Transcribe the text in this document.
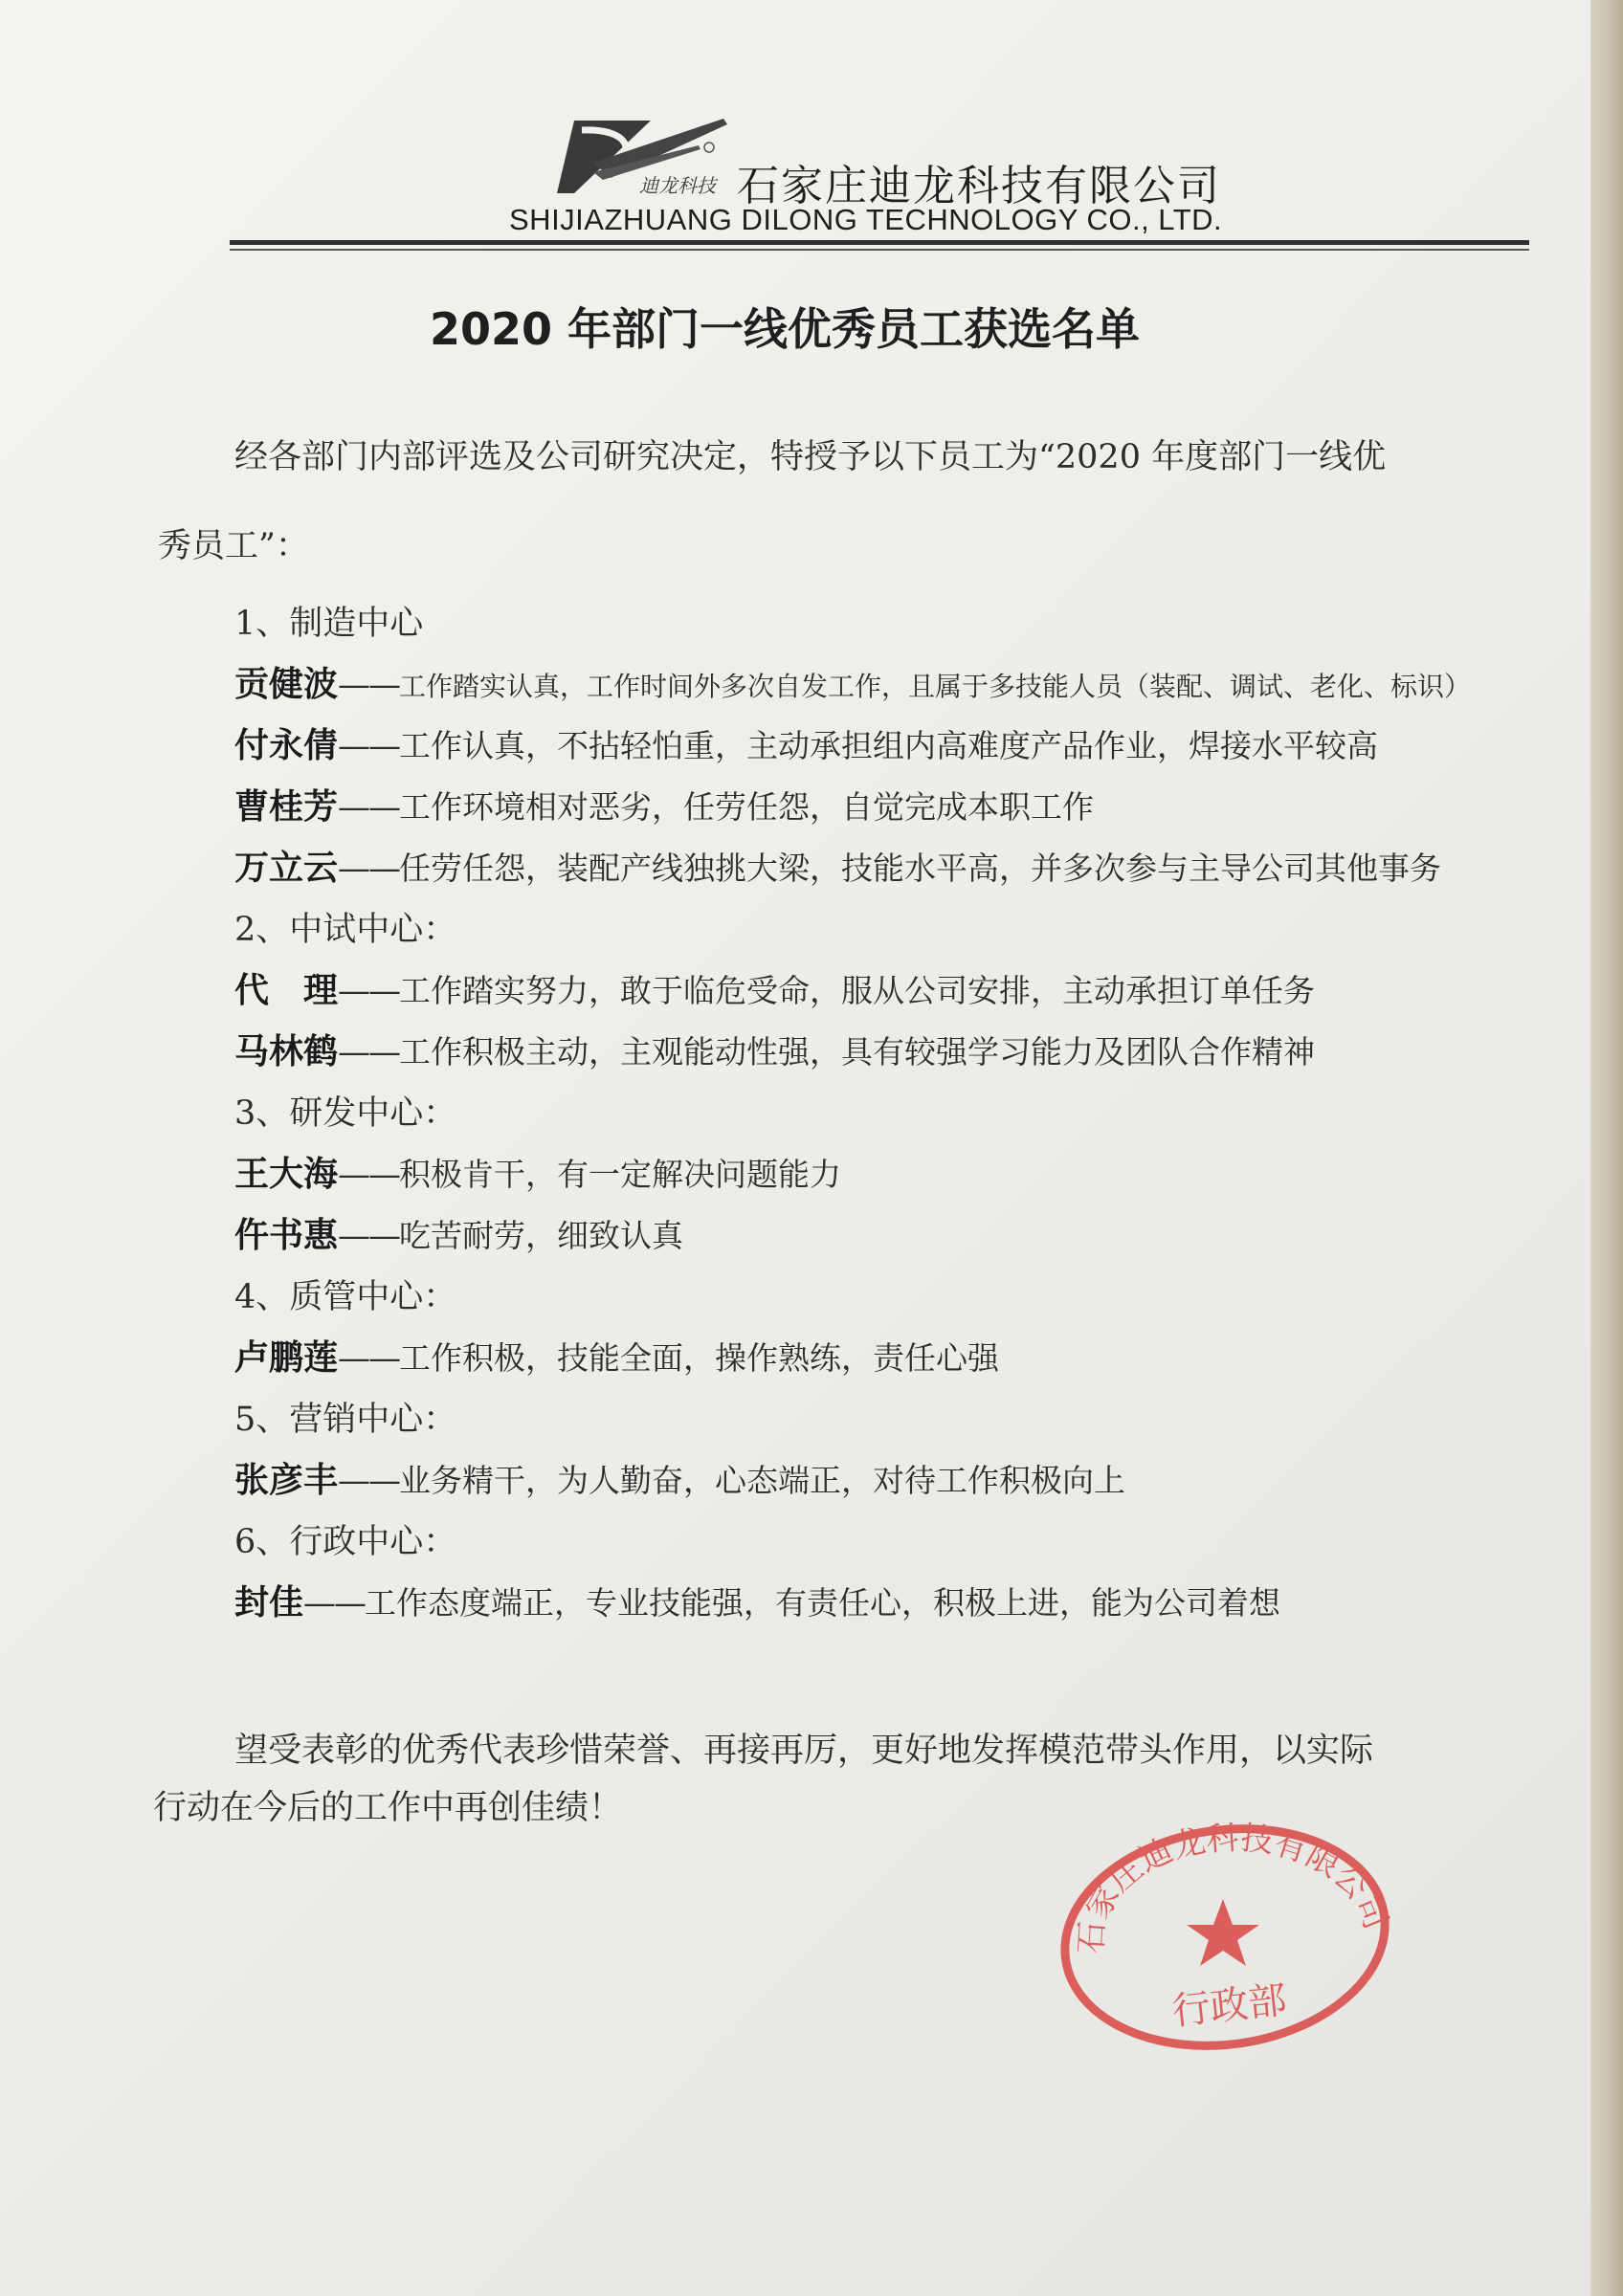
迪龙科技 石家庄迪龙科技有限公司
SHIJIAZHUANG DILONG TECHNOLOGY CO., LTD.
2020 年部门一线优秀员工获选名单
经各部门内部评选及公司研究决定，特授予以下员工为“2020 年度部门一线优
秀员工”：
1、制造中心
贡健波——工作踏实认真，工作时间外多次自发工作，且属于多技能人员（装配、调试、老化、标识）
付永倩——工作认真，不拈轻怕重，主动承担组内高难度产品作业，焊接水平较高
曹桂芳——工作环境相对恶劣，任劳任怨，自觉完成本职工作
万立云——任劳任怨，装配产线独挑大梁，技能水平高，并多次参与主导公司其他事务
2、中试中心：
代　理——工作踏实努力，敢于临危受命，服从公司安排，主动承担订单任务
马林鹤——工作积极主动，主观能动性强，具有较强学习能力及团队合作精神
3、研发中心：
王大海——积极肯干，有一定解决问题能力
仵书惠——吃苦耐劳，细致认真
4、质管中心：
卢鹏莲——工作积极，技能全面，操作熟练，责任心强
5、营销中心：
张彦丰——业务精干，为人勤奋，心态端正，对待工作积极向上
6、行政中心：
封佳——工作态度端正，专业技能强，有责任心，积极上进，能为公司着想
望受表彰的优秀代表珍惜荣誉、再接再厉，更好地发挥模范带头作用，以实际
行动在今后的工作中再创佳绩！
石家庄迪龙科技有限公司
行政部
